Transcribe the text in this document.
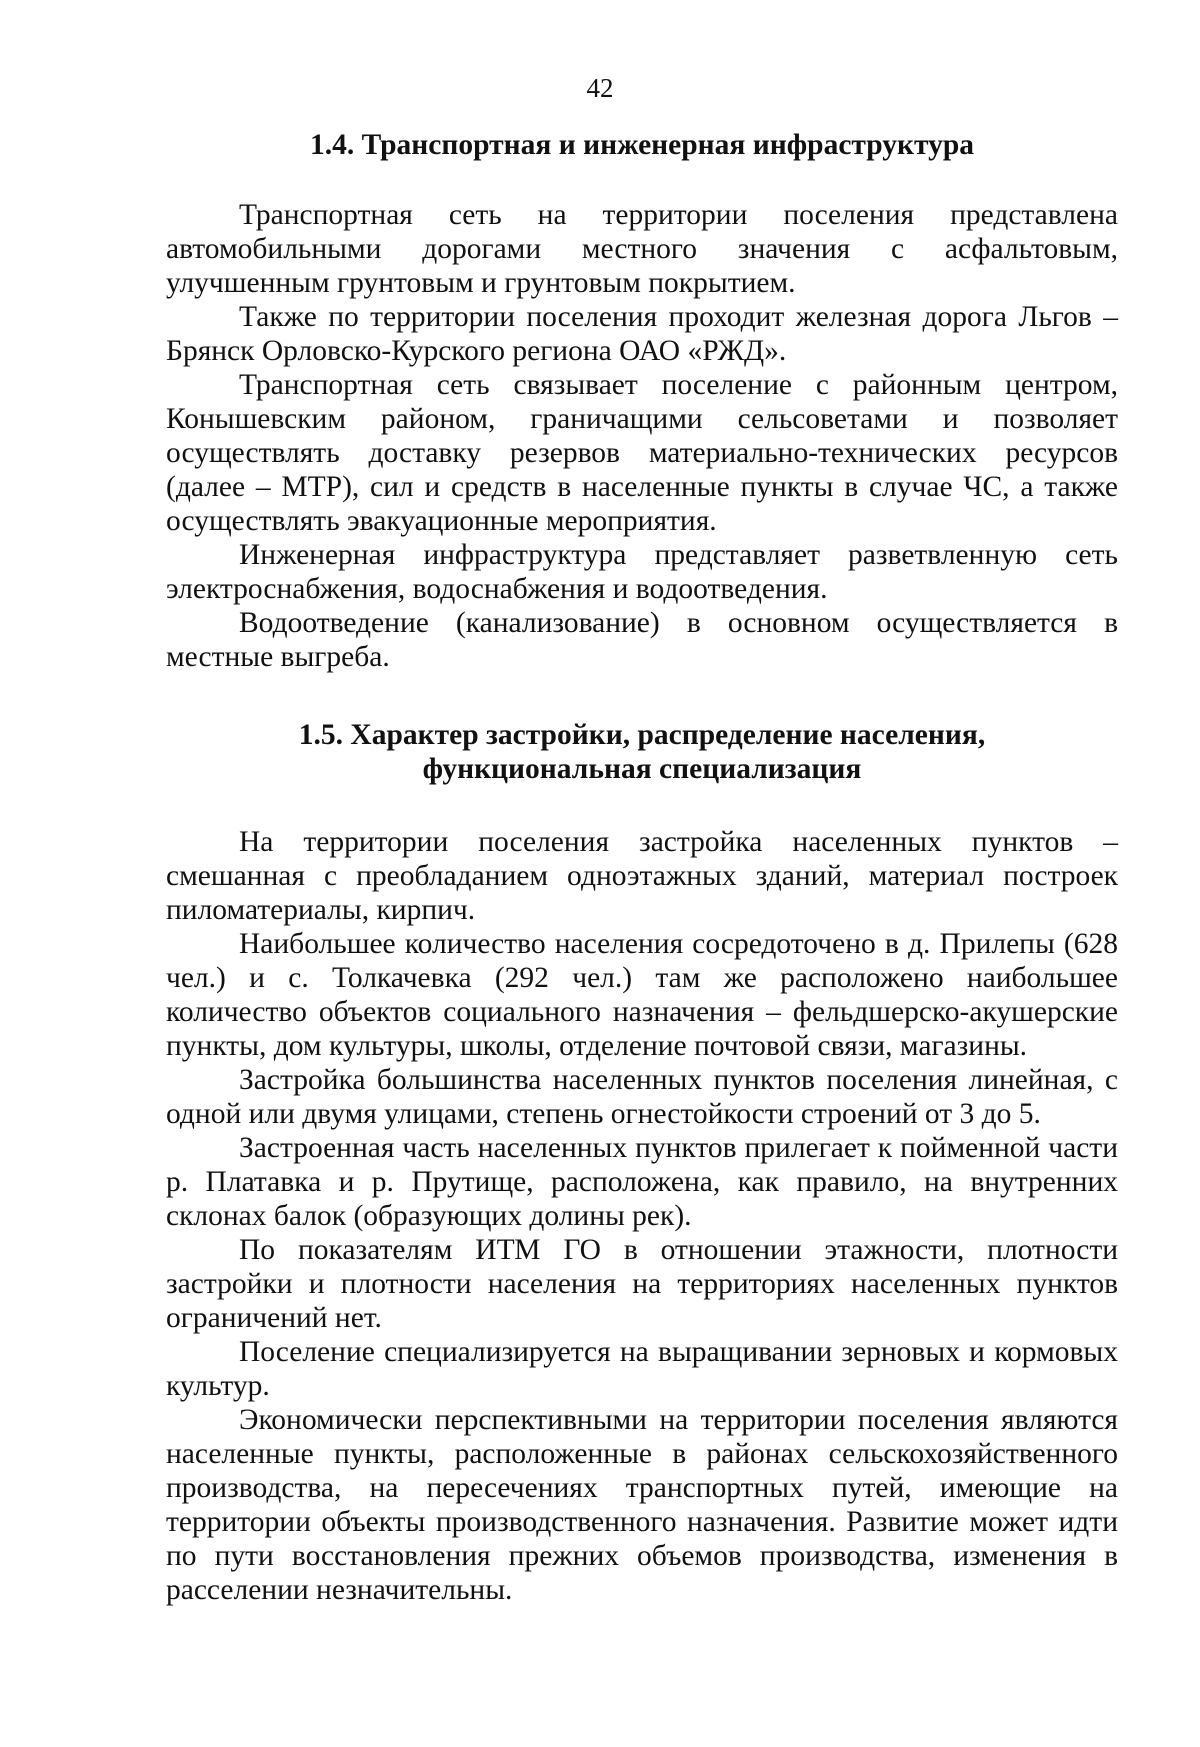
42
1.4. Транспортная и инженерная инфраструктура

Транспортная сеть на территории поселения представлена автомобильными дорогами местного значения с асфальтовым, улучшенным грунтовым и грунтовым покрытием.

Также по территории поселения проходит железная дорога Льгов – Брянск Орловско-Курского региона ОАО «РЖД».

Транспортная сеть связывает поселение с районным центром, Конышевским районом, граничащими сельсоветами и позволяет осуществлять доставку резервов материально-технических ресурсов (далее – МТР), сил и средств в населенные пункты в случае ЧС, а также осуществлять эвакуационные мероприятия.

Инженерная инфраструктура представляет разветвленную сеть электроснабжения, водоснабжения и водоотведения.

Водоотведение (канализование) в основном осуществляется в местные выгреба.

1.5. Характер застройки, распределение населения,
функциональная специализация

На территории поселения застройка населенных пунктов – смешанная с преобладанием одноэтажных зданий, материал построек пиломатериалы, кирпич.

Наибольшее количество населения сосредоточено в д. Прилепы (628 чел.) и с. Толкачевка (292 чел.) там же расположено наибольшее количество объектов социального назначения – фельдшерско-акушерские пункты, дом культуры, школы, отделение почтовой связи, магазины.

Застройка большинства населенных пунктов поселения линейная, с одной или двумя улицами, степень огнестойкости строений от 3 до 5.

Застроенная часть населенных пунктов прилегает к пойменной части р. Платавка и р. Прутище, расположена, как правило, на внутренних склонах балок (образующих долины рек).

По показателям ИТМ ГО в отношении этажности, плотности застройки и плотности населения на территориях населенных пунктов ограничений нет.

Поселение специализируется на выращивании зерновых и кормовых культур.

Экономически перспективными на территории поселения являются населенные пункты, расположенные в районах сельскохозяйственного производства, на пересечениях транспортных путей, имеющие на территории объекты производственного назначения. Развитие может идти по пути восстановления прежних объемов производства, изменения в расселении незначительны.
